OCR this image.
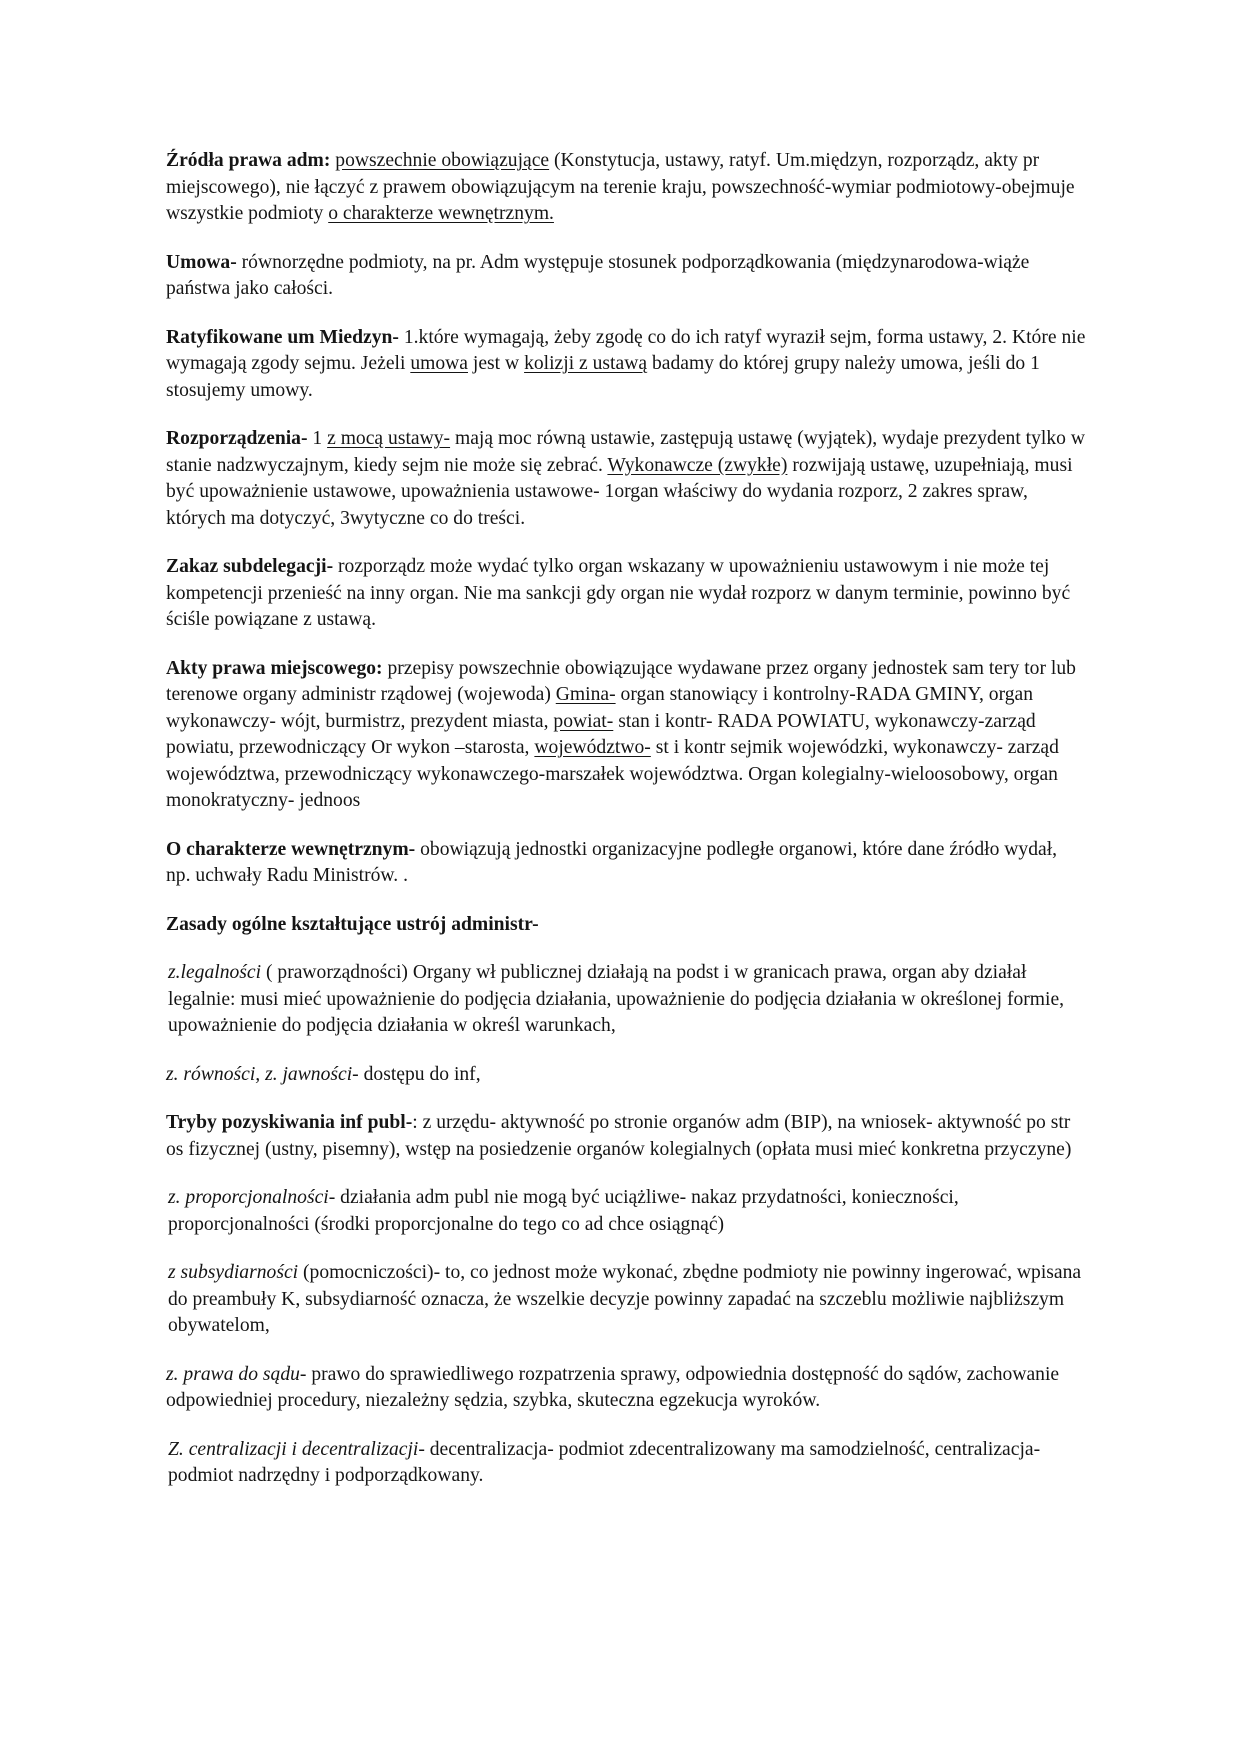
Źródła prawa adm: powszechnie obowiązujące (Konstytucja, ustawy, ratyf. Um.międzyn, rozporządz, akty pr miejscowego), nie łączyć z prawem obowiązującym na terenie kraju, powszechność-wymiar podmiotowy-obejmuje wszystkie podmioty o charakterze wewnętrznym.

Umowa- równorzędne podmioty, na pr. Adm występuje stosunek podporządkowania (międzynarodowa-wiąże państwa jako całości.

Ratyfikowane um Miedzyn- 1.które wymagają, żeby zgodę co do ich ratyf wyraził sejm, forma ustawy, 2. Które nie wymagają zgody sejmu. Jeżeli umowa jest w kolizji z ustawą badamy do której grupy należy umowa, jeśli do 1 stosujemy umowy.

Rozporządzenia- 1 z mocą ustawy- mają moc równą ustawie, zastępują ustawę (wyjątek), wydaje prezydent tylko w stanie nadzwyczajnym, kiedy sejm nie może się zebrać. Wykonawcze (zwykłe) rozwijają ustawę, uzupełniają, musi być upoważnienie ustawowe, upoważnienia ustawowe- 1organ właściwy do wydania rozporz, 2 zakres spraw, których ma dotyczyć, 3wytyczne co do treści.

Zakaz subdelegacji- rozporządz może wydać tylko organ wskazany w upoważnieniu ustawowym i nie może tej kompetencji przenieść na inny organ. Nie ma sankcji gdy organ nie wydał rozporz w danym terminie, powinno być ściśle powiązane z ustawą.

Akty prawa miejscowego: przepisy powszechnie obowiązujące wydawane przez organy jednostek sam tery tor lub terenowe organy administr rządowej (wojewoda) Gmina- organ stanowiący i kontrolny-RADA GMINY, organ wykonawczy- wójt, burmistrz, prezydent miasta, powiat- stan i kontr- RADA POWIATU, wykonawczy-zarząd powiatu, przewodniczący Or wykon –starosta, województwo- st i kontr sejmik wojewódzki, wykonawczy- zarząd województwa, przewodniczący wykonawczego-marszałek województwa. Organ kolegialny-wieloosobowy, organ monokratyczny- jednoos

O charakterze wewnętrznym- obowiązują jednostki organizacyjne podległe organowi, które dane źródło wydał, np. uchwały Radu Ministrów. .

Zasady ogólne kształtujące ustrój administr-

z.legalności ( praworządności) Organy wł publicznej działają na podst i w granicach prawa, organ aby działał legalnie: musi mieć upoważnienie do podjęcia działania, upoważnienie do podjęcia działania w określonej formie, upoważnienie do podjęcia działania w określ warunkach,

z. równości, z. jawności- dostępu do inf,

Tryby pozyskiwania inf publ-: z urzędu- aktywność po stronie organów adm (BIP), na wniosek- aktywność po str os fizycznej (ustny, pisemny), wstęp na posiedzenie organów kolegialnych (opłata musi mieć konkretna przyczyne)

z. proporcjonalności- działania adm publ nie mogą być uciążliwe- nakaz przydatności, konieczności, proporcjonalności (środki proporcjonalne do tego co ad chce osiągnąć)

z subsydiarności (pomocniczości)- to, co jednost może wykonać, zbędne podmioty nie powinny ingerować, wpisana do preambuły K, subsydiarność oznacza, że wszelkie decyzje powinny zapadać na szczeblu możliwie najbliższym obywatelom,

z. prawa do sądu- prawo do sprawiedliwego rozpatrzenia sprawy, odpowiednia dostępność do sądów, zachowanie odpowiedniej procedury, niezależny sędzia, szybka, skuteczna egzekucja wyroków.

Z. centralizacji i decentralizacji- decentralizacja- podmiot zdecentralizowany ma samodzielność, centralizacja- podmiot nadrzędny i podporządkowany.
